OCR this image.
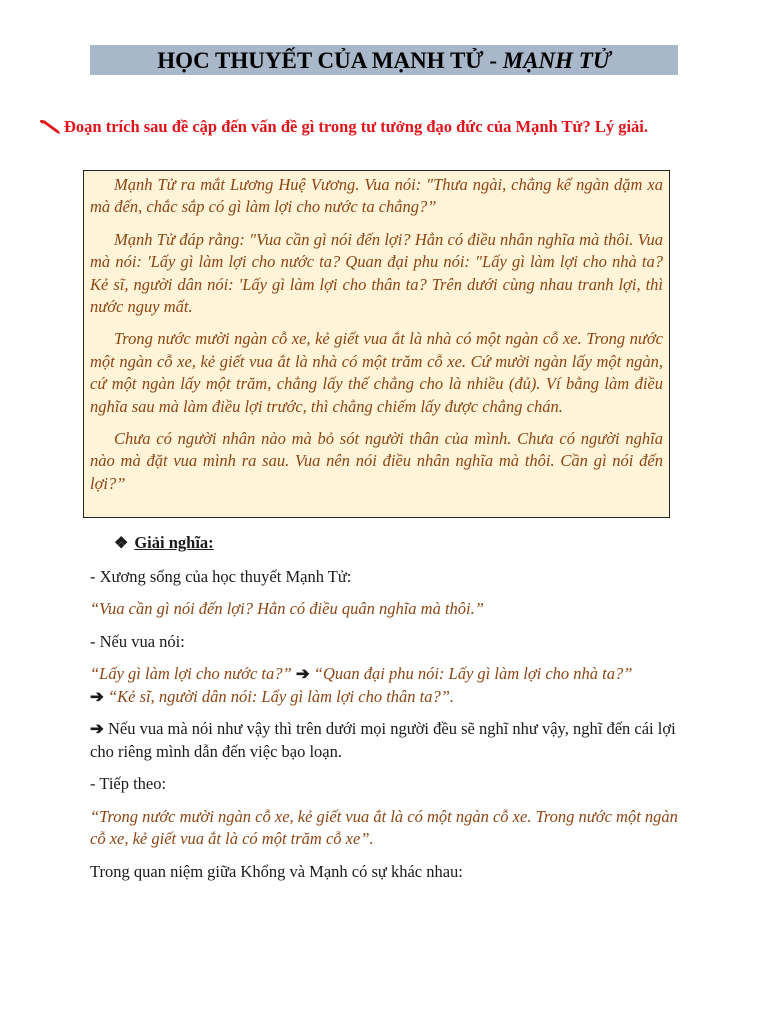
HỌC THUYẾT CỦA MẠNH TỬ - MẠNH TỬ
Đoạn trích sau đề cập đến vấn đề gì trong tư tưởng đạo đức của Mạnh Tử? Lý giải.

Mạnh Tử ra mắt Lương Huệ Vương. Vua nói: "Thưa ngài, chẳng kể ngàn dặm xa mà đến, chắc sắp có gì làm lợi cho nước ta chẳng?”

Mạnh Tử đáp rằng: "Vua cần gì nói đến lợi? Hẳn có điều nhân nghĩa mà thôi. Vua mà nói: 'Lấy gì làm lợi cho nước ta? Quan đại phu nói: "Lấy gì làm lợi cho nhà ta? Kẻ sĩ, người dân nói: 'Lấy gì làm lợi cho thân ta? Trên dưới cùng nhau tranh lợi, thì nước nguy mất.

Trong nước mười ngàn cỗ xe, kẻ giết vua ắt là nhà có một ngàn cỗ xe. Trong nước một ngàn cỗ xe, kẻ giết vua ắt là nhà có một trăm cỗ xe. Cứ mười ngàn lấy một ngàn, cứ một ngàn lấy một trăm, chẳng lấy thế chẳng cho là nhiều (đủ). Ví bằng làm điều nghĩa sau mà làm điều lợi trước, thì chẳng chiếm lấy được chẳng chán.

Chưa có người nhân nào mà bỏ sót người thân của mình. Chưa có người nghĩa nào mà đặt vua mình ra sau. Vua nên nói điều nhân nghĩa mà thôi. Cần gì nói đến lợi?”

❖ Giải nghĩa:

- Xương sống của học thuyết Mạnh Tử:

“Vua cần gì nói đến lợi? Hẳn có điều quân nghĩa mà thôi.”

- Nếu vua nói:

“Lấy gì làm lợi cho nước ta?” ➔ “Quan đại phu nói: Lấy gì làm lợi cho nhà ta?”
➔ “Kẻ sĩ, người dân nói: Lấy gì làm lợi cho thân ta?”.

➔ Nếu vua mà nói như vậy thì trên dưới mọi người đều sẽ nghĩ như vậy, nghĩ đến cái lợi cho riêng mình dẫn đến việc bạo loạn.

- Tiếp theo:

“Trong nước mười ngàn cỗ xe, kẻ giết vua ắt là có một ngàn cỗ xe. Trong nước một ngàn cỗ xe, kẻ giết vua ắt là có một trăm cỗ xe”.

Trong quan niệm giữa Khổng và Mạnh có sự khác nhau:
